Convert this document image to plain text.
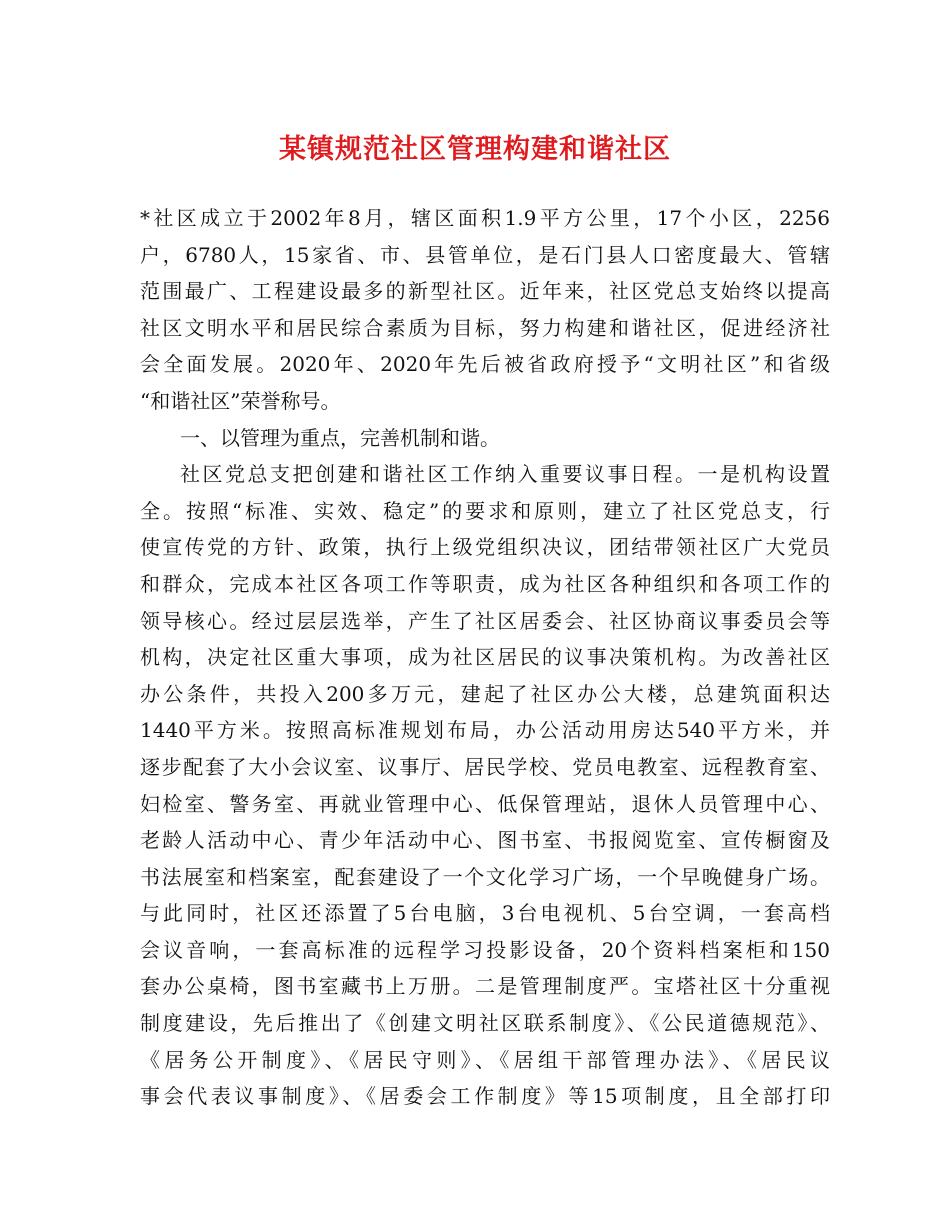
某镇规范社区管理构建和谐社区
*社区成立于2002年8月，辖区面积1.9平方公里，17个小区，2256
户，6780人，15家省、市、县管单位，是石门县人口密度最大、管辖
范围最广、工程建设最多的新型社区。近年来，社区党总支始终以提高
社区文明水平和居民综合素质为目标，努力构建和谐社区，促进经济社
会全面发展。2020年、2020年先后被省政府授予“文明社区”和省级
“和谐社区”荣誉称号。
一、以管理为重点，完善机制和谐。
社区党总支把创建和谐社区工作纳入重要议事日程。一是机构设置
全。按照“标准、实效、稳定”的要求和原则，建立了社区党总支，行
使宣传党的方针、政策，执行上级党组织决议，团结带领社区广大党员
和群众，完成本社区各项工作等职责，成为社区各种组织和各项工作的
领导核心。经过层层选举，产生了社区居委会、社区协商议事委员会等
机构，决定社区重大事项，成为社区居民的议事决策机构。为改善社区
办公条件，共投入200多万元，建起了社区办公大楼，总建筑面积达
1440平方米。按照高标准规划布局，办公活动用房达540平方米，并
逐步配套了大小会议室、议事厅、居民学校、党员电教室、远程教育室、
妇检室、警务室、再就业管理中心、低保管理站，退休人员管理中心、
老龄人活动中心、青少年活动中心、图书室、书报阅览室、宣传橱窗及
书法展室和档案室，配套建设了一个文化学习广场，一个早晚健身广场。
与此同时，社区还添置了5台电脑，3台电视机、5台空调，一套高档
会议音响，一套高标准的远程学习投影设备，20个资料档案柜和150
套办公桌椅，图书室藏书上万册。二是管理制度严。宝塔社区十分重视
制度建设，先后推出了《创建文明社区联系制度》、《公民道德规范》、
《居务公开制度》、《居民守则》、《居组干部管理办法》、《居民议
事会代表议事制度》、《居委会工作制度》等15项制度，且全部打印
